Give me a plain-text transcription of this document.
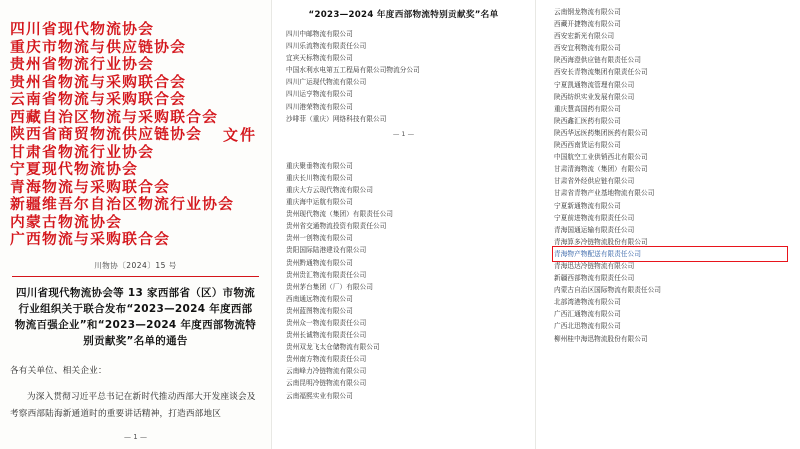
四川省现代物流协会
重庆市物流与供应链协会
贵州省物流行业协会
贵州省物流与采购联合会
云南省物流与采购联合会
西藏自治区物流与采购联合会
陕西省商贸物流供应链协会
甘肃省物流行业协会
宁夏现代物流协会
青海物流与采购联合会
新疆维吾尔自治区物流行业协会
内蒙古物流协会
广西物流与采购联合会
文件
川物协〔2024〕15 号
四川省现代物流协会等 13 家西部省（区）市物流行业组织关于联合发布“2023—2024 年度西部物流百强企业”和“2023—2024 年度西部物流特别贡献奖”名单的通告

各有关单位、相关企业：

为深入贯彻习近平总书记在新时代推动西部大开发座谈会及考察西部陆海新通道时的重要讲话精神，打造西部地区

— 1 —
“2023—2024 年度西部物流特别贡献奖”名单
四川中邮物流有限公司
四川乐流物流有限责任公司
宜宾天标物流有限公司
中国水利水电第五工程局有限公司物流分公司
四川广运现代物流有限公司
四川运亨物流有限公司
四川港荣物流有限公司
沙啡菲（重庆）网络科技有限公司
— 1 —
重庆聚垂物流有限公司
重庆长川物流有限公司
重庆大方云现代物流有限公司
重庆海中运航有限公司
贵州现代物流（集团）有限责任公司
贵州省交通物流投资有限责任公司
贵州一创物流有限公司
贵阳国际陆港建设有限公司
贵州黔通物流有限公司
贵州贵汇物流有限责任公司
贵州茅台集团（厂）有限公司
西南通远物流有限公司
贵州蓝图物流有限公司
贵州众一物流有限责任公司
贵州长诚物流有限责任公司
贵州双龙飞太仓储物流有限公司
贵州南方物流有限责任公司
云南峰力冷链物流有限公司
云南昆明冷链物流有限公司
云南福熙实业有限公司
云南钢龙物流有限公司
西藏开捷物流有限公司
西安宏新光有限公司
西安宜利物流有限公司
陕西海澄供应链有限责任公司
西安长青物流集团有限责任公司
宁夏凯通物流管理有限公司
陕西纺织实业发展有限公司
重庆慧高国药有限公司
陕西鑫汇医药有限公司
陕西华远医药集团医药有限公司
陕西西南货运有限公司
中国航空工业供销西北有限公司
甘肃清海物流（集团）有限公司
甘肃省外经供应链有限公司
甘肃省青物产业基地物流有限公司
宁夏新通物流有限公司
宁夏前进物流有限责任公司
青海国通运输有限责任公司
青海算多冷链物流股份有限公司
青海物产物配送有限责任公司
青海迅达冷链物流有限公司
新疆西部物流有限责任公司
内蒙古自治区国际物流有限责任公司
北部湾港物流有限公司
广西汇通物流有限公司
广西北迅物流有限公司
柳州桂中海迅物流股份有限公司
